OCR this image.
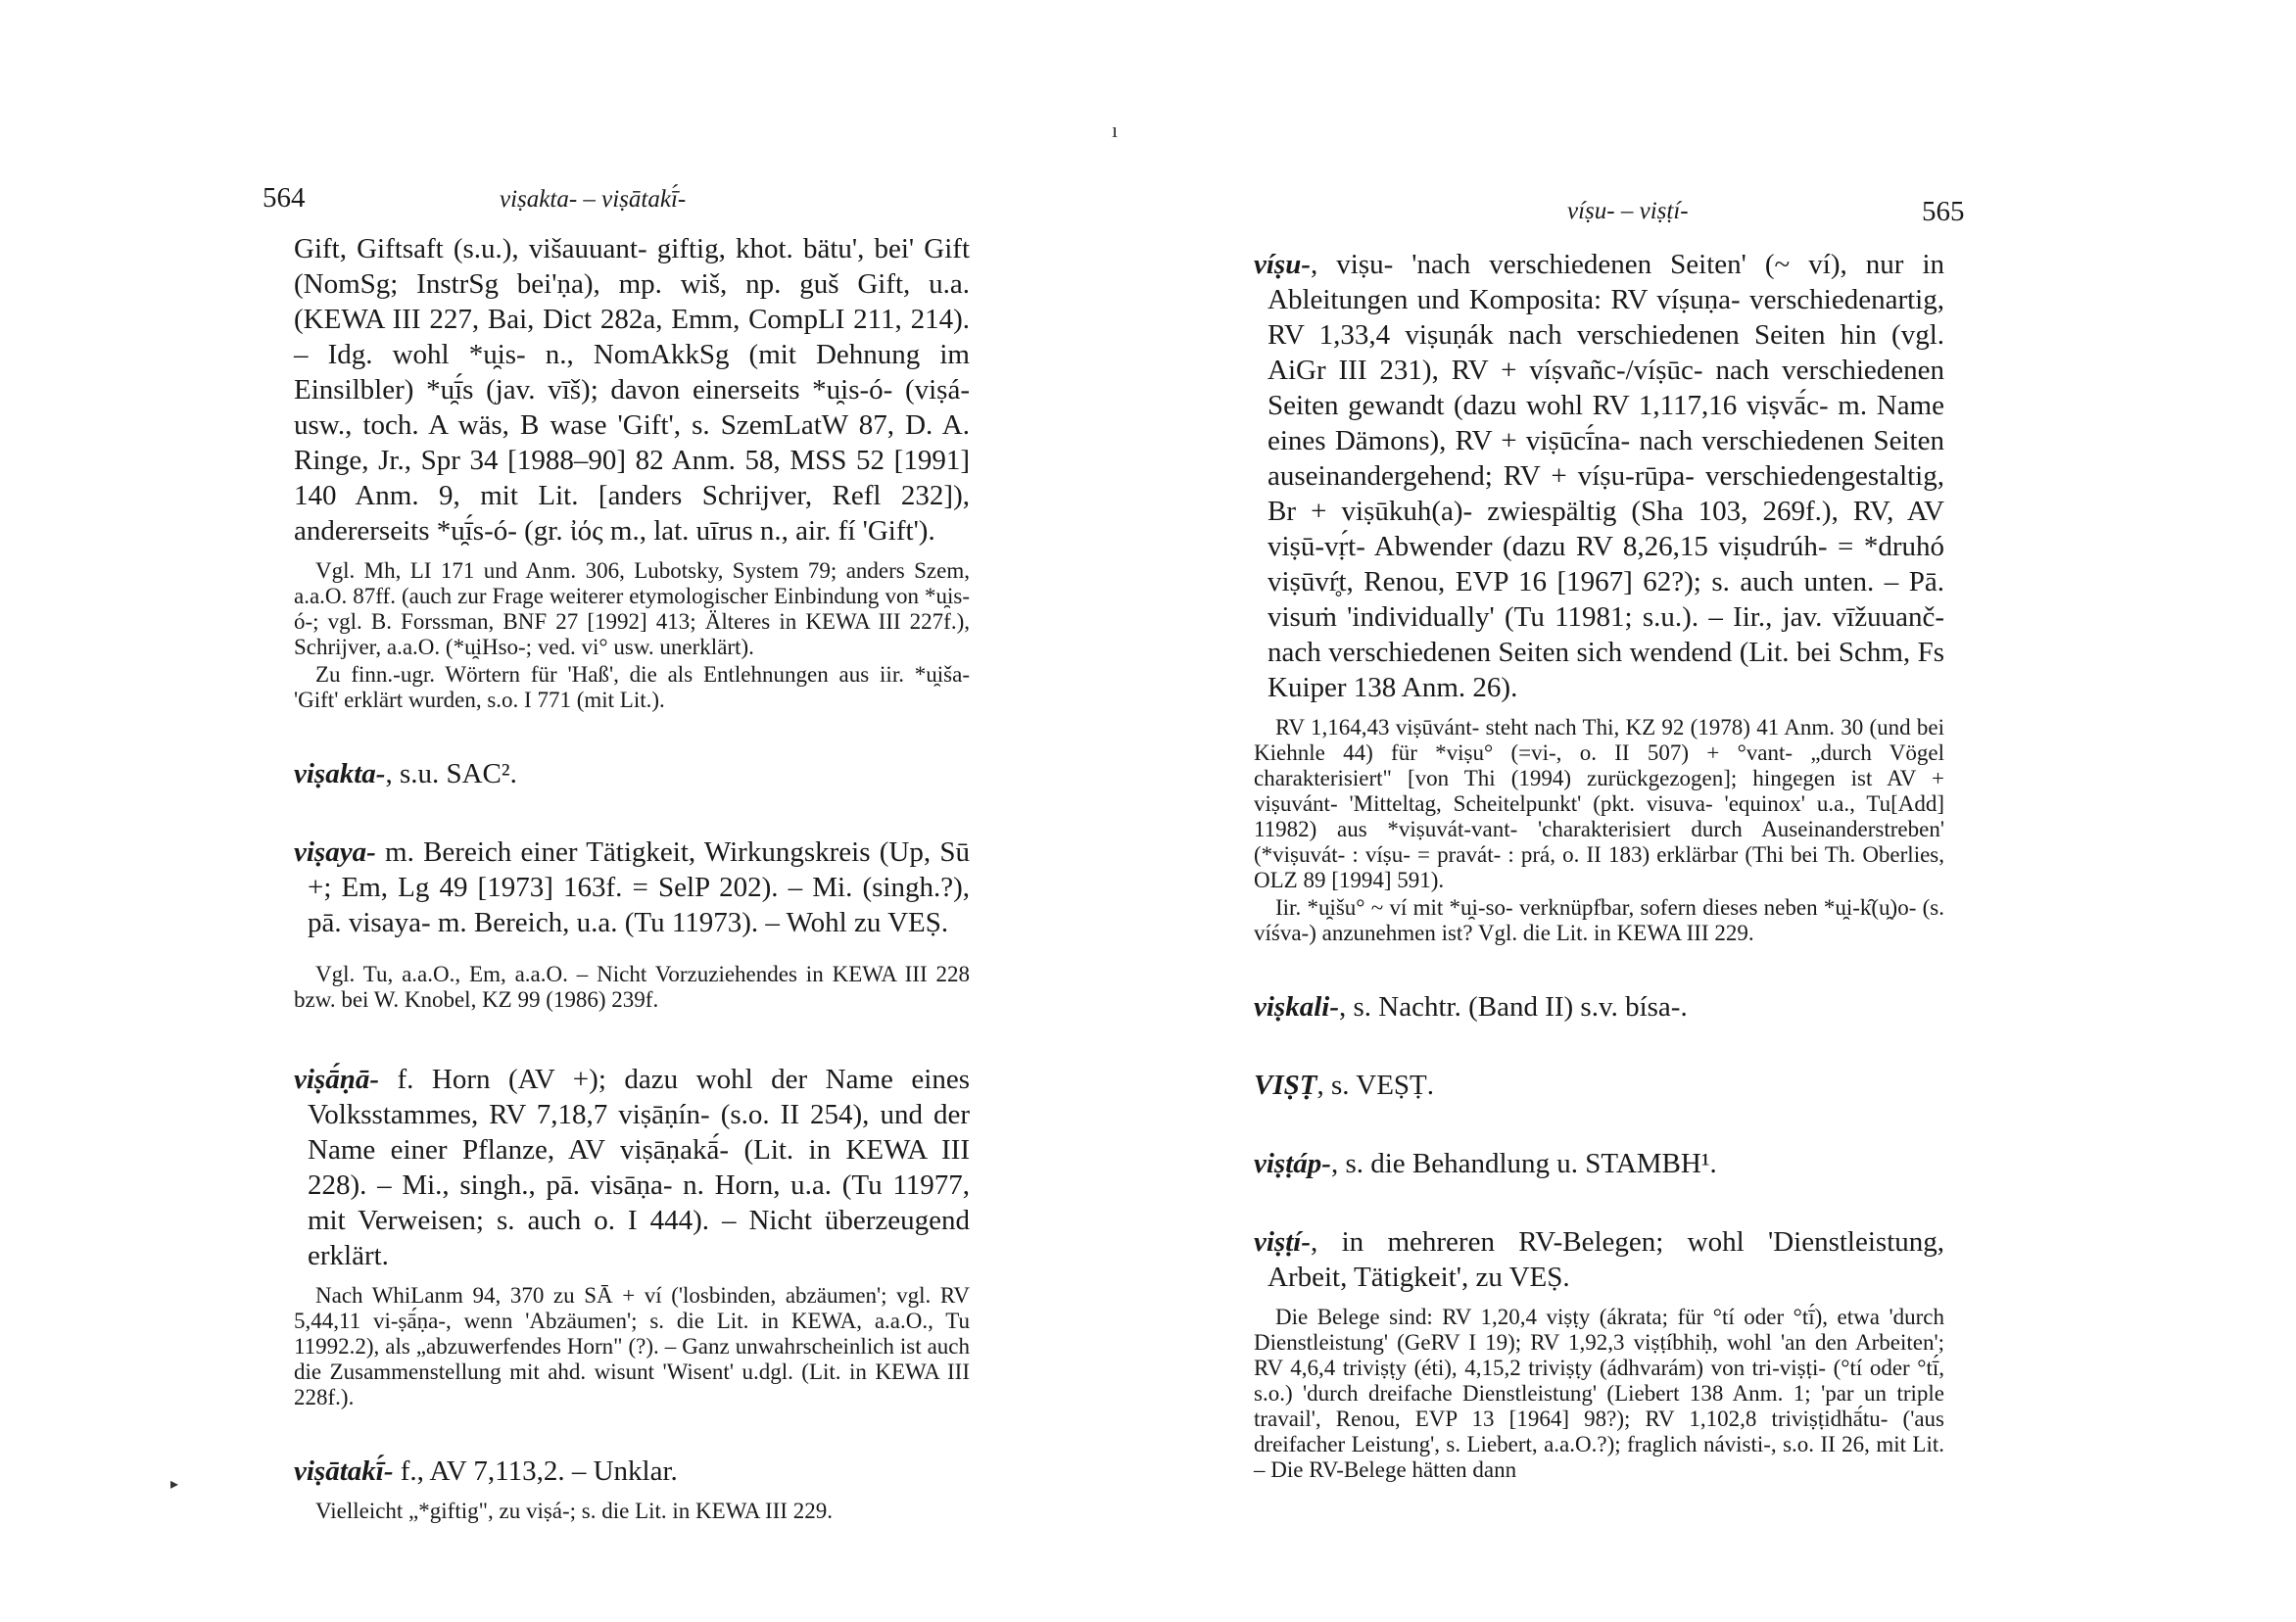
564	viṣakta- – viṣātakī́-

Gift, Giftsaft (s.u.), višauuant- giftig, khot. bätu', bei' Gift (NomSg; InstrSg bei'ṇa), mp. wiš, np. guš Gift, u.a. (KEWA III 227, Bai, Dict 282a, Emm, CompLI 211, 214). – Idg. wohl *u̯is- n., NomAkkSg (mit Dehnung im Einsilbler) *u̯ī́s (jav. vīš); davon einerseits *u̯is-ó- (viṣá- usw., toch. A wäs, B wase 'Gift', s. SzemLatW 87, D. A. Ringe, Jr., Spr 34 [1988–90] 82 Anm. 58, MSS 52 [1991] 140 Anm. 9, mit Lit. [anders Schrijver, Refl 232]), andererseits *u̯ī́s-ó- (gr. ἰός m., lat. uīrus n., air. fí 'Gift').

Vgl. Mh, LI 171 und Anm. 306, Lubotsky, System 79; anders Szem, a.a.O. 87ff. (auch zur Frage weiterer etymologischer Einbindung von *u̯is-ó-; vgl. B. Forssman, BNF 27 [1992] 413; Älteres in KEWA III 227f.), Schrijver, a.a.O. (*u̯iHso-; ved. vi° usw. unerklärt).

Zu finn.-ugr. Wörtern für 'Haß', die als Entlehnungen aus iir. *u̯iša- 'Gift' erklärt wurden, s.o. I 771 (mit Lit.).

viṣakta-, s.u. SAC².

viṣaya- m. Bereich einer Tätigkeit, Wirkungskreis (Up, Sū +; Em, Lg 49 [1973] 163f. = SelP 202). – Mi. (singh.?), pā. visaya- m. Bereich, u.a. (Tu 11973). – Wohl zu VEṢ.

Vgl. Tu, a.a.O., Em, a.a.O. – Nicht Vorzuziehendes in KEWA III 228 bzw. bei W. Knobel, KZ 99 (1986) 239f.

viṣā́ṇā- f. Horn (AV +); dazu wohl der Name eines Volksstammes, RV 7,18,7 viṣāṇín- (s.o. II 254), und der Name einer Pflanze, AV viṣāṇakā́- (Lit. in KEWA III 228). – Mi., singh., pā. visāṇa- n. Horn, u.a. (Tu 11977, mit Verweisen; s. auch o. I 444). – Nicht überzeugend erklärt.

Nach WhiLanm 94, 370 zu SĀ + ví ('losbinden, abzäumen'; vgl. RV 5,44,11 vi-ṣā́ṇa-, wenn 'Abzäumen'; s. die Lit. in KEWA, a.a.O., Tu 11992.2), als „abzuwerfendes Horn" (?). – Ganz unwahrscheinlich ist auch die Zusammenstellung mit ahd. wisunt 'Wisent' u.dgl. (Lit. in KEWA III 228f.).

viṣātakī́- f., AV 7,113,2. – Unklar.

Vielleicht „*giftig", zu viṣá-; s. die Lit. in KEWA III 229.

víṣu- – viṣṭí-	565

víṣu-, viṣu- 'nach verschiedenen Seiten' (~ ví), nur in Ableitungen und Komposita: RV víṣuṇa- verschiedenartig, RV 1,33,4 viṣuṇák nach verschiedenen Seiten hin (vgl. AiGr III 231), RV + víṣvañc-/víṣūc- nach verschiedenen Seiten gewandt (dazu wohl RV 1,117,16 viṣvā́c- m. Name eines Dämons), RV + viṣūcī́na- nach verschiedenen Seiten auseinandergehend; RV + víṣu-rūpa- verschiedengestaltig, Br + viṣūkuh(a)- zwiespältig (Sha 103, 269f.), RV, AV viṣū-vṛ́t- Abwender (dazu RV 8,26,15 viṣudrúh- = *druhó viṣūvŕ̥t, Renou, EVP 16 [1967] 62?); s. auch unten. – Pā. visuṁ 'individually' (Tu 11981; s.u.). – Iir., jav. vīžuuanč- nach verschiedenen Seiten sich wendend (Lit. bei Schm, Fs Kuiper 138 Anm. 26).

RV 1,164,43 viṣūvánt- steht nach Thi, KZ 92 (1978) 41 Anm. 30 (und bei Kiehnle 44) für *viṣu° (=vi-, o. II 507) + °vant- „durch Vögel charakterisiert" [von Thi (1994) zurückgezogen]; hingegen ist AV + viṣuvánt- 'Mitteltag, Scheitelpunkt' (pkt. visuva- 'equinox' u.a., Tu[Add] 11982) aus *viṣuvát-vant- 'charakterisiert durch Auseinanderstreben' (*viṣuvát- : víṣu- = pravát- : prá, o. II 183) erklärbar (Thi bei Th. Oberlies, OLZ 89 [1994] 591).

Iir. *u̯išu° ~ ví mit *u̯i-so- verknüpfbar, sofern dieses neben *u̯i-k̑(u̯)o- (s. víśva-) anzunehmen ist? Vgl. die Lit. in KEWA III 229.

viṣkali-, s. Nachtr. (Band II) s.v. bísa-.

VIṢṬ, s. VEṢṬ.

viṣṭáp-, s. die Behandlung u. STAMBH¹.

viṣṭí-, in mehreren RV-Belegen; wohl 'Dienstleistung, Arbeit, Tätigkeit', zu VEṢ.

Die Belege sind: RV 1,20,4 viṣṭy (ákrata; für °tí oder °tī́), etwa 'durch Dienstleistung' (GeRV I 19); RV 1,92,3 viṣṭíbhiḥ, wohl 'an den Arbeiten'; RV 4,6,4 triviṣṭy (éti), 4,15,2 triviṣṭy (ádhvarám) von tri-viṣṭi- (°tí oder °tī́, s.o.) 'durch dreifache Dienstleistung' (Liebert 138 Anm. 1; 'par un triple travail', Renou, EVP 13 [1964] 98?); RV 1,102,8 triviṣṭidhā́tu- ('aus dreifacher Leistung', s. Liebert, a.a.O.?); fraglich návisti-, s.o. II 26, mit Lit. – Die RV-Belege hätten dann

ı
▸
